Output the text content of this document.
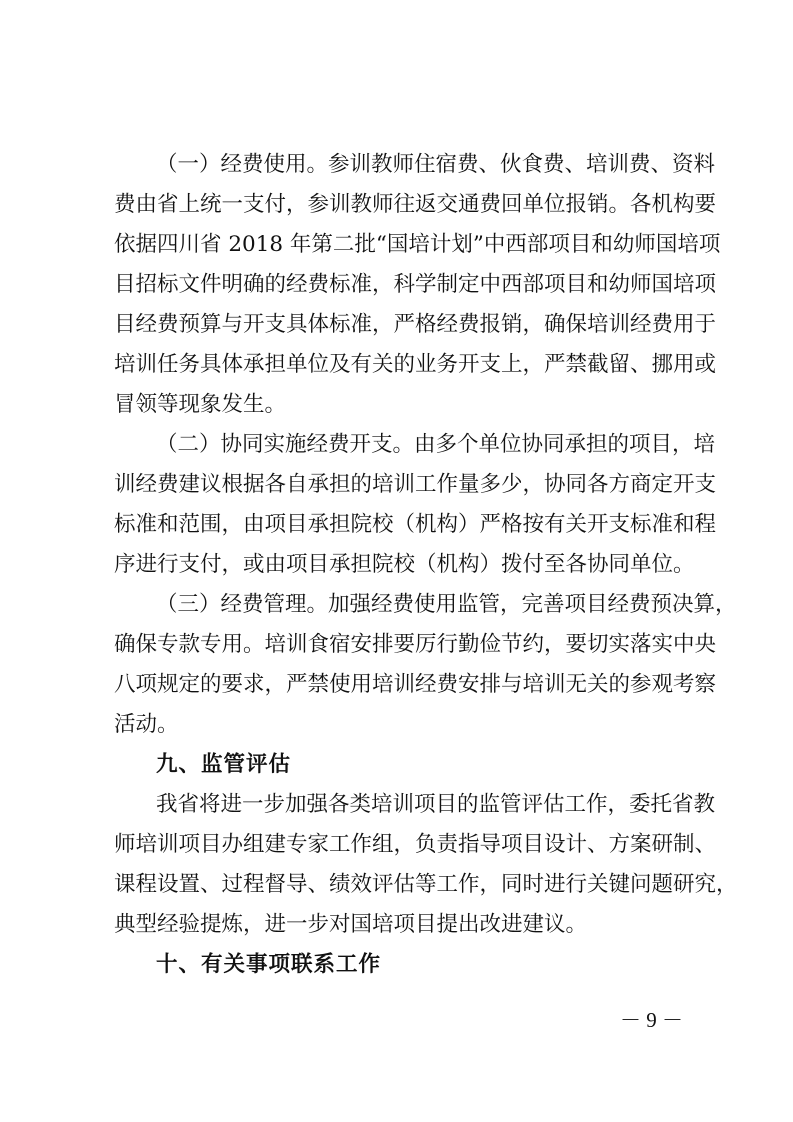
（一）经费使用。参训教师住宿费、伙食费、培训费、资料
费由省上统一支付，参训教师往返交通费回单位报销。各机构要
依据四川省 2018 年第二批“国培计划”中西部项目和幼师国培项
目招标文件明确的经费标准，科学制定中西部项目和幼师国培项
目经费预算与开支具体标准，严格经费报销，确保培训经费用于
培训任务具体承担单位及有关的业务开支上，严禁截留、挪用或
冒领等现象发生。
（二）协同实施经费开支。由多个单位协同承担的项目，培
训经费建议根据各自承担的培训工作量多少，协同各方商定开支
标准和范围，由项目承担院校（机构）严格按有关开支标准和程
序进行支付，或由项目承担院校（机构）拨付至各协同单位。
（三）经费管理。加强经费使用监管，完善项目经费预决算，
确保专款专用。培训食宿安排要厉行勤俭节约，要切实落实中央
八项规定的要求，严禁使用培训经费安排与培训无关的参观考察
活动。
九、监管评估
我省将进一步加强各类培训项目的监管评估工作，委托省教
师培训项目办组建专家工作组，负责指导项目设计、方案研制、
课程设置、过程督导、绩效评估等工作，同时进行关键问题研究，
典型经验提炼，进一步对国培项目提出改进建议。
十、有关事项联系工作
－ 9 －
